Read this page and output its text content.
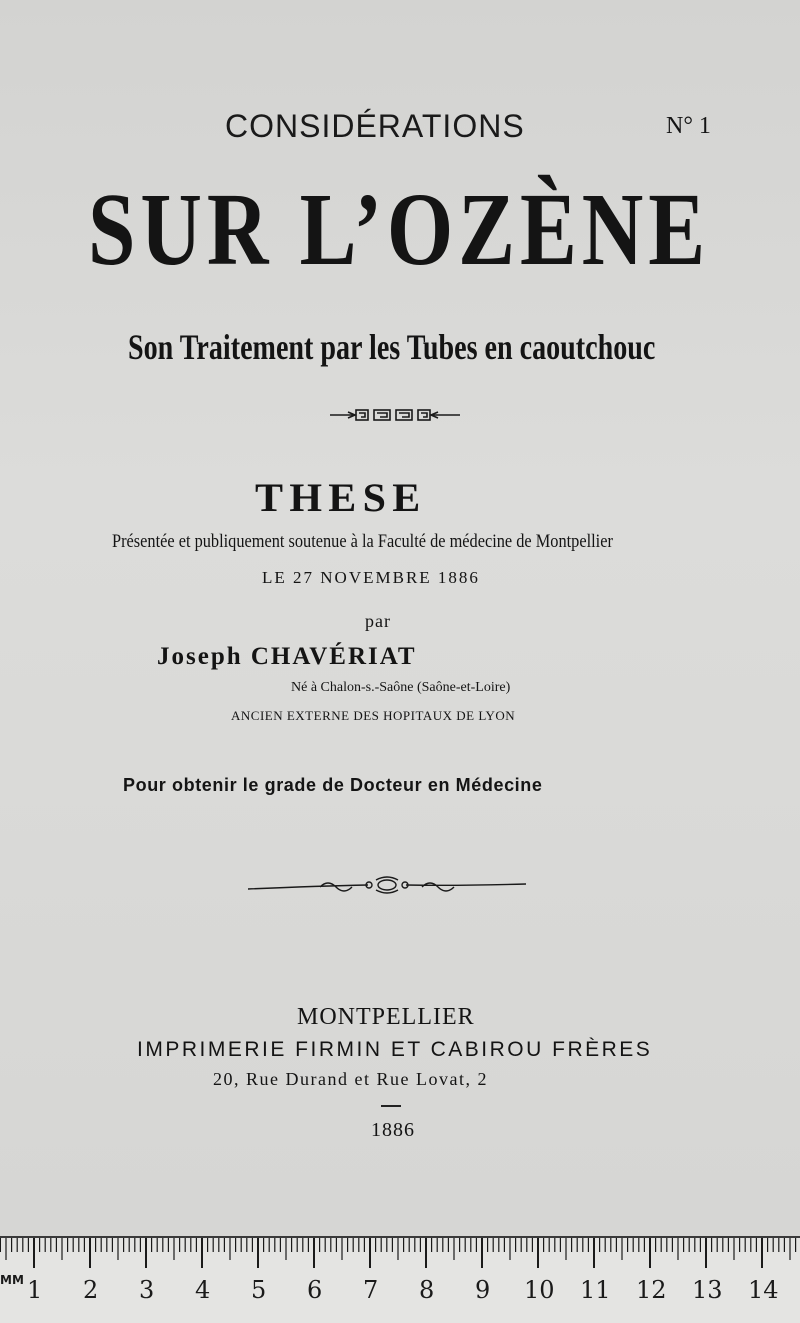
CONSIDÉRATIONS	N° 1
SUR L’OZÈNE
Son Traitement par les Tubes en caoutchouc
THESE
Présentée et publiquement soutenue à la Faculté de médecine de Montpellier
LE 27 NOVEMBRE 1886
par
Joseph CHAVÉRIAT
Né à Chalon-s.-Saône (Saône-et-Loire)
ANCIEN EXTERNE DES HOPITAUX DE LYON
Pour obtenir le grade de Docteur en Médecine
MONTPELLIER
IMPRIMERIE FIRMIN ET CABIROU FRÈRES
20, Rue Durand et Rue Lovat, 2
1886
MM 1 2 3 4 5 6 7 8 9 10 11 12 13 14
